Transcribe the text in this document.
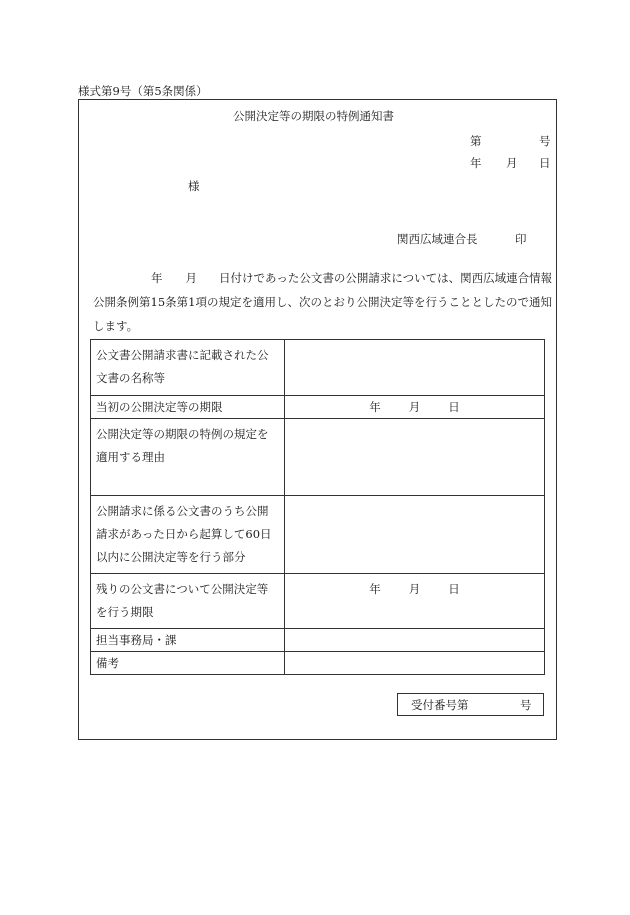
様式第9号（第5条関係）
公開決定等の期限の特例通知書
第	号
年 月 日
様
関西広域連合長	印
年 月 日付けであった公文書の公開請求については、関西広域連合情報公開条例第15条第1項の規定を適用し、次のとおり公開決定等を行うこととしたので通知します。
公文書公開請求書に記載された公文書の名称等	
当初の公開決定等の期限	年 月 日
公開決定等の期限の特例の規定を適用する理由	
公開請求に係る公文書のうち公開請求があった日から起算して60日以内に公開決定等を行う部分	
残りの公文書について公開決定等を行う期限	年 月 日
担当事務局・課	
備考	
受付番号第	号
